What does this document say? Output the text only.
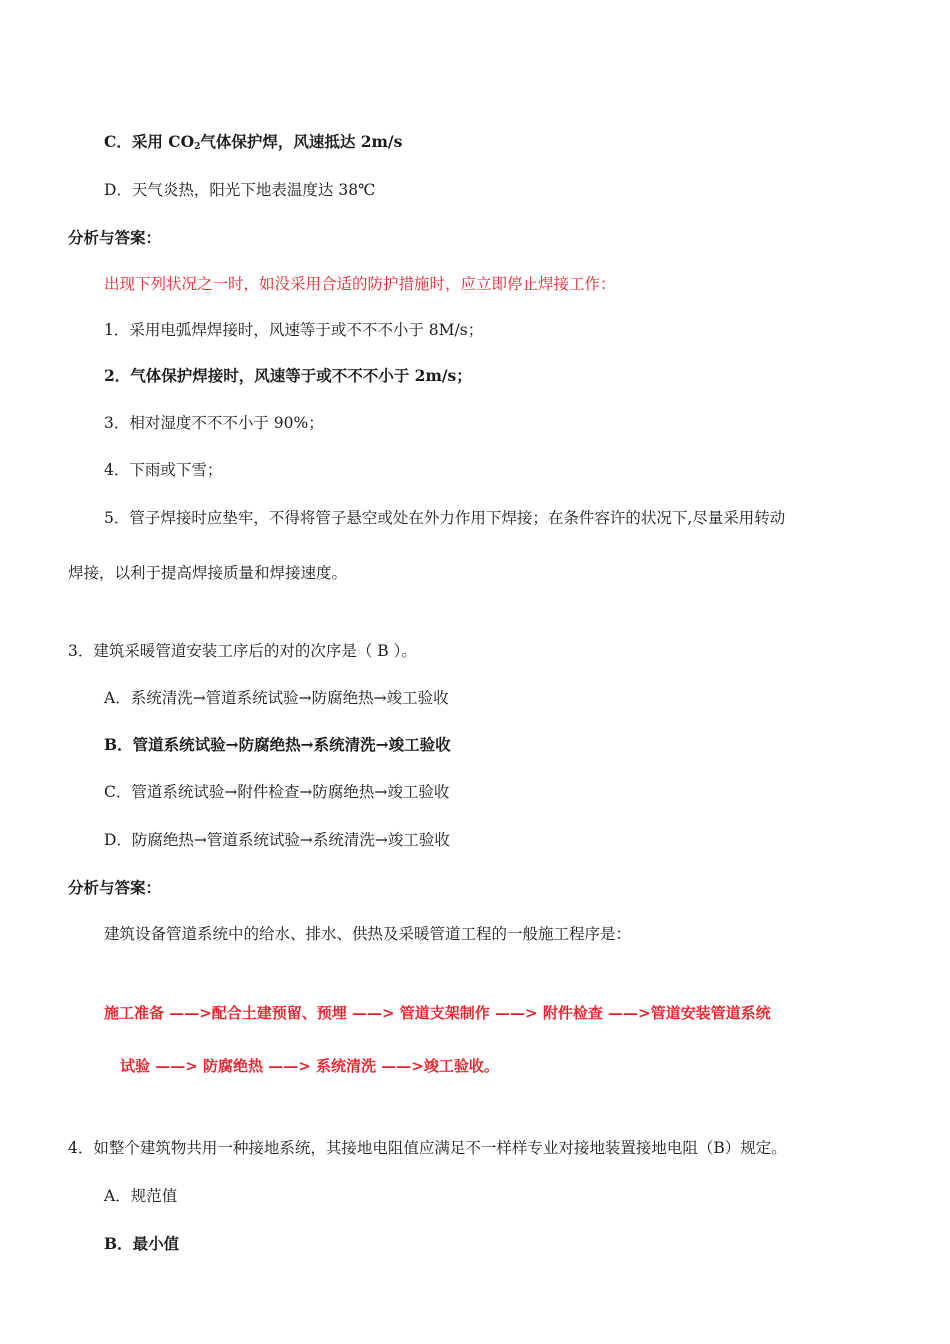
C．采用 $CO_2$气体保护焊，风速抵达 2m/s
D．天气炎热，阳光下地表温度达 38℃
分析与答案：
出现下列状况之一时，如没采用合适的防护措施时，应立即停止焊接工作：
1．采用电弧焊焊接时，风速等于或不不不小于 8M/s；
2．气体保护焊接时，风速等于或不不不小于 2m/s；
3．相对湿度不不不小于 90%；
4．下雨或下雪；
5．管子焊接时应垫牢，不得将管子悬空或处在外力作用下焊接；在条件容许的状况下,尽量采用转动
焊接，以利于提高焊接质量和焊接速度。
3．建筑采暖管道安装工序后的对的次序是（ B ）。
A．系统清洗→管道系统试验→防腐绝热→竣工验收
B．管道系统试验→防腐绝热→系统清洗→竣工验收
C．管道系统试验→附件检查→防腐绝热→竣工验收
D．防腐绝热→管道系统试验→系统清洗→竣工验收
分析与答案：
建筑设备管道系统中的给水、排水、供热及采暖管道工程的一般施工程序是：
施工准备 ——>配合土建预留、预埋 ——> 管道支架制作 ——> 附件检查 ——>管道安装管道系统
试验 ——> 防腐绝热 ——> 系统清洗 ——>竣工验收。
4．如整个建筑物共用一种接地系统，其接地电阻值应满足不一样样专业对接地装置接地电阻（B）规定。
A．规范值
B．最小值
